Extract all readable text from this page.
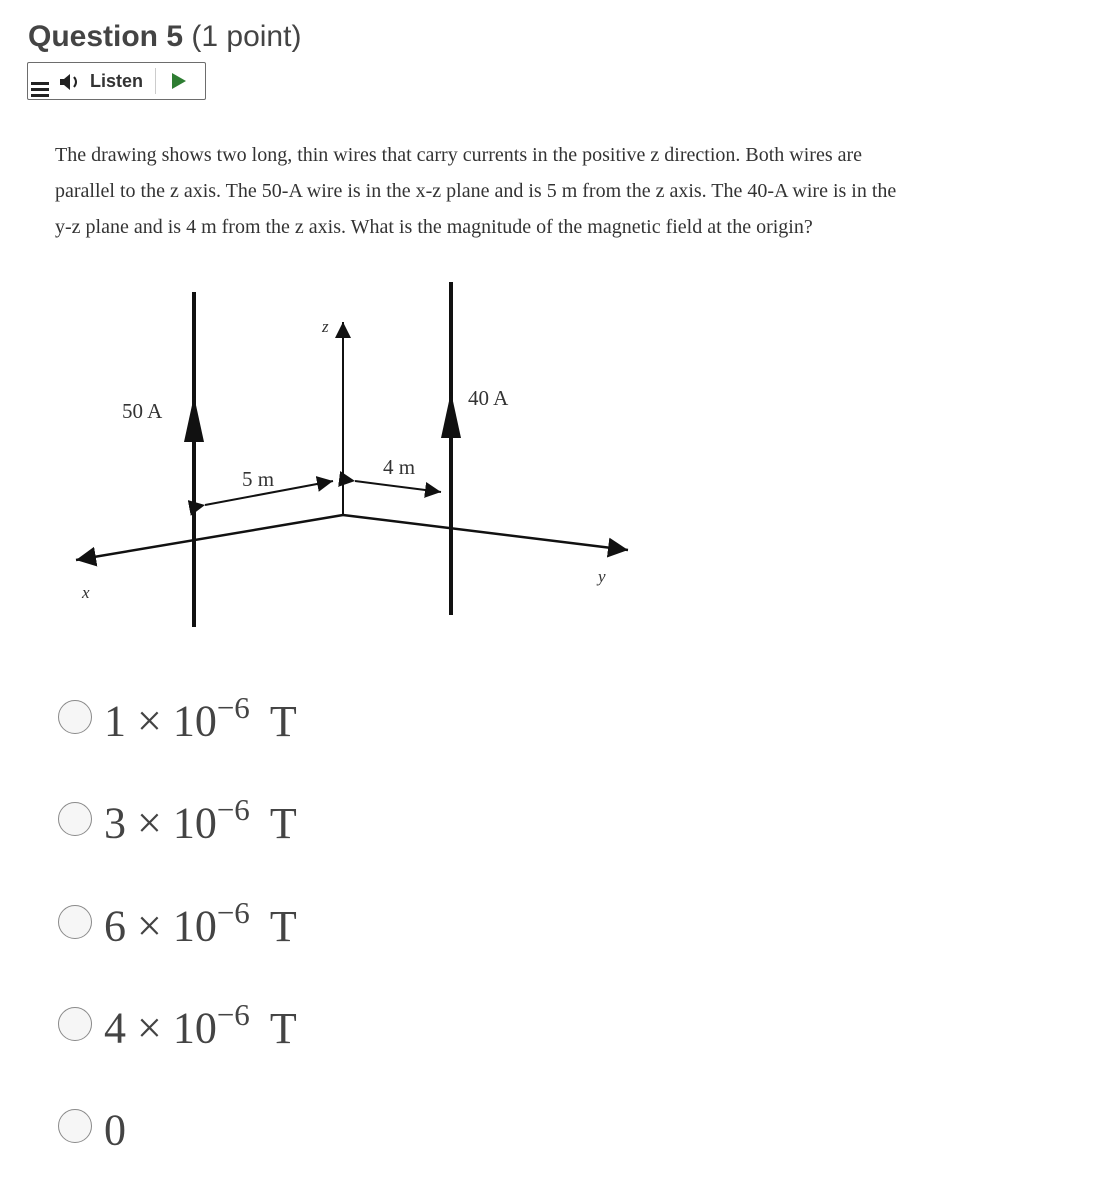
Question 5 (1 point)
Listen

The drawing shows two long, thin wires that carry currents in the positive z direction. Both wires are

parallel to the z axis. The 50-A wire is in the x-z plane and is 5 m from the z axis. The 40-A wire is in the

y-z plane and is 4 m from the z axis. What is the magnitude of the magnetic field at the origin?

50 A
40 A
5 m	4 m
z
x
y
$1 \times 10^{-6}$ T
$3 \times 10^{-6}$ T
$6 \times 10^{-6}$ T
$4 \times 10^{-6}$ T
0
